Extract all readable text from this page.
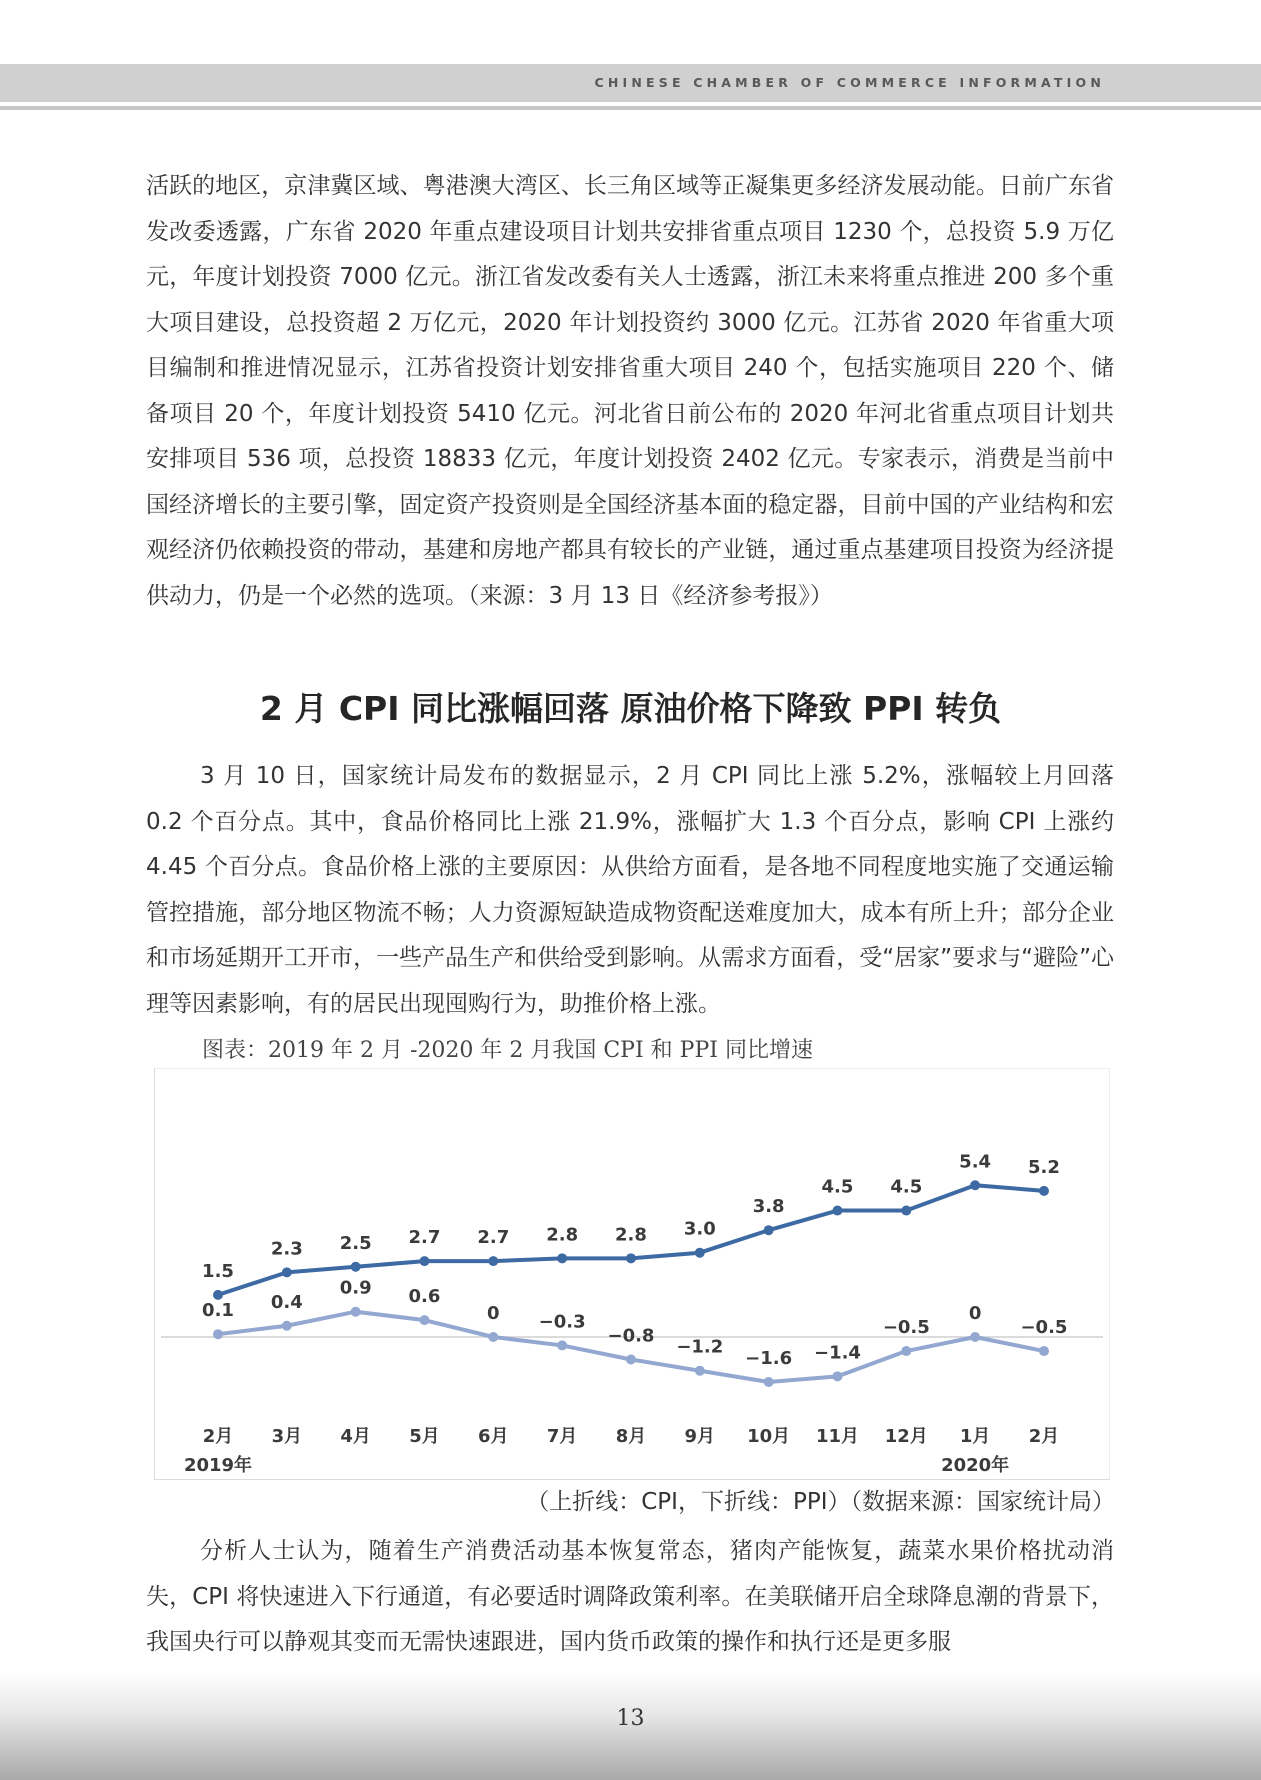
CHINESE CHAMBER OF COMMERCE INFORMATION

活跃的地区，京津冀区域、粤港澳大湾区、长三角区域等正凝集更多经济发展动能。日前广东省发改委透露，广东省 2020 年重点建设项目计划共安排省重点项目 1230 个，总投资 5.9 万亿元，年度计划投资 7000 亿元。浙江省发改委有关人士透露，浙江未来将重点推进 200 多个重大项目建设，总投资超 2 万亿元，2020 年计划投资约 3000 亿元。江苏省 2020 年省重大项目编制和推进情况显示，江苏省投资计划安排省重大项目 240 个，包括实施项目 220 个、储备项目 20 个，年度计划投资 5410 亿元。河北省日前公布的 2020 年河北省重点项目计划共安排项目 536 项，总投资 18833 亿元，年度计划投资 2402 亿元。专家表示，消费是当前中国经济增长的主要引擎，固定资产投资则是全国经济基本面的稳定器，目前中国的产业结构和宏观经济仍依赖投资的带动，基建和房地产都具有较长的产业链，通过重点基建项目投资为经济提供动力，仍是一个必然的选项。（来源：3 月 13 日《经济参考报》）

2 月 CPI 同比涨幅回落 原油价格下降致 PPI 转负

3 月 10 日，国家统计局发布的数据显示，2 月 CPI 同比上涨 5.2%，涨幅较上月回落 0.2 个百分点。其中，食品价格同比上涨 21.9%，涨幅扩大 1.3 个百分点，影响 CPI 上涨约 4.45 个百分点。食品价格上涨的主要原因：从供给方面看，是各地不同程度地实施了交通运输管控措施，部分地区物流不畅；人力资源短缺造成物资配送难度加大，成本有所上升；部分企业和市场延期开工开市，一些产品生产和供给受到影响。从需求方面看，受“居家”要求与“避险”心理等因素影响，有的居民出现囤购行为，助推价格上涨。

图表：2019 年 2 月 -2020 年 2 月我国 CPI 和 PPI 同比增速
1.5
2.3 2.5 2.7 2.7 2.8 2.8 3.0
3.8
4.5 4.5
5.4 5.2
0.1 0.4
0.9 0.6
0 −0.3
−0.8
−1.2
−1.6 −1.4
−0.5
0
−0.5
2月 3月 4月 5月 6月 7月 8月 9月 10月 11月 12月 1月 2月
2019年	2020年
（上折线：CPI，下折线：PPI）（数据来源：国家统计局）

分析人士认为，随着生产消费活动基本恢复常态，猪肉产能恢复，蔬菜水果价格扰动消失，CPI 将快速进入下行通道，有必要适时调降政策利率。在美联储开启全球降息潮的背景下，我国央行可以静观其变而无需快速跟进，国内货币政策的操作和执行还是更多服

13
